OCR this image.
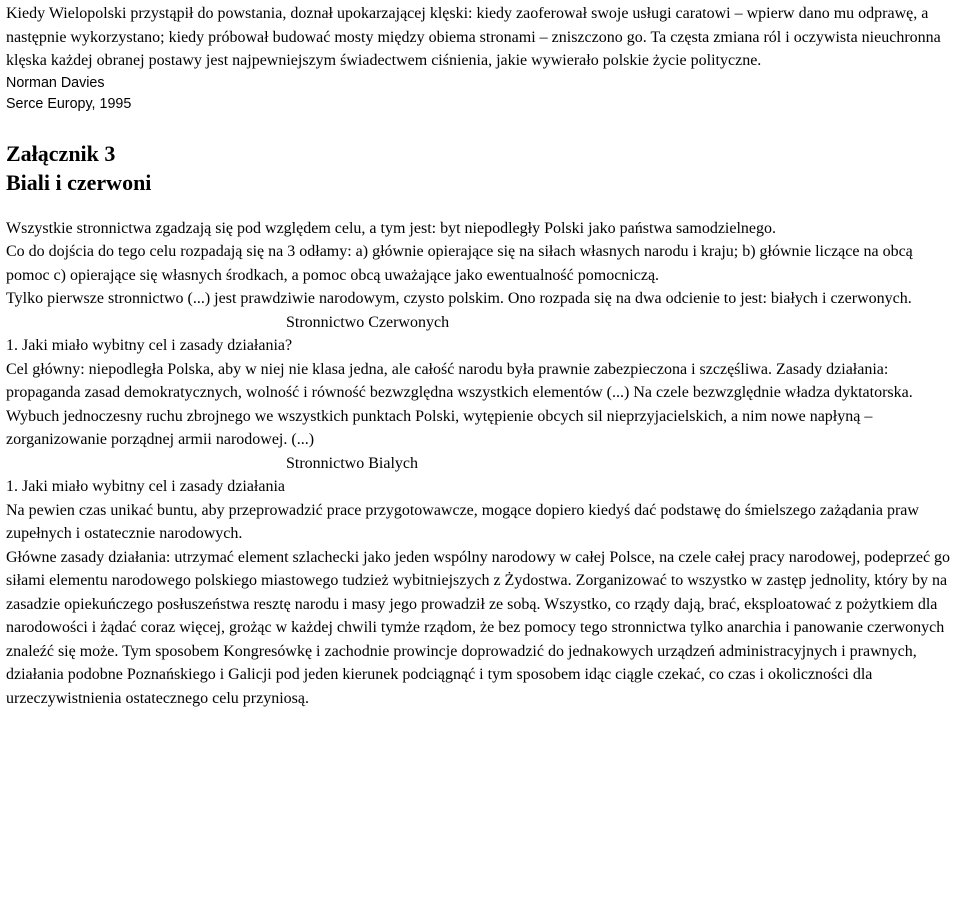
Kiedy Wielopolski przystąpił do powstania, doznał upokarzającej klęski: kiedy zaoferował swoje usługi caratowi – wpierw dano mu odprawę, a następnie wykorzystano; kiedy próbował budować mosty między obiema stronami – zniszczono go. Ta częsta zmiana ról i oczywista nieuchronna klęska każdej obranej postawy jest najpewniejszym świadectwem ciśnienia, jakie wywierało polskie życie polityczne.

Norman Davies
Serce Europy, 1995

Załącznik 3

Biali i czerwoni

Wszystkie stronnictwa zgadzają się pod względem celu, a tym jest: byt niepodległy Polski jako państwa samodzielnego.

Co do dojścia do tego celu rozpadają się na 3 odłamy: a) głównie opierające się na siłach własnych narodu i kraju; b) głównie liczące na obcą pomoc c) opierające się własnych środkach, a pomoc obcą uważające jako ewentualność pomocniczą.

Tylko pierwsze stronnictwo (...) jest prawdziwie narodowym, czysto polskim. Ono rozpada się na dwa odcienie to jest: białych i czerwonych.

Stronnictwo Czerwonych

1. Jaki miało wybitny cel i zasady działania?

Cel główny: niepodległa Polska, aby w niej nie klasa jedna, ale całość narodu była prawnie zabezpieczona i szczęśliwa. Zasady działania: propaganda zasad demokratycznych, wolność i równość bezwzględna wszystkich elementów (...) Na czele bezwzględnie władza dyktatorska. Wybuch jednoczesny ruchu zbrojnego we wszystkich punktach Polski, wytępienie obcych sil nieprzyjacielskich, a nim nowe napłyną – zorganizowanie porządnej armii narodowej. (...)

Stronnictwo Bialych

1. Jaki miało wybitny cel i zasady działania

Na pewien czas unikać buntu, aby przeprowadzić prace przygotowawcze, mogące dopiero kiedyś dać podstawę do śmielszego zażądania praw zupełnych i ostatecznie narodowych.

Główne zasady działania: utrzymać element szlachecki jako jeden wspólny narodowy w całej Polsce, na czele całej pracy narodowej, podeprzeć go siłami elementu narodowego polskiego miastowego tudzież wybitniejszych z Żydostwa. Zorganizować to wszystko w zastęp jednolity, który by na zasadzie opiekuńczego posłuszeństwa resztę narodu i masy jego prowadził ze sobą. Wszystko, co rządy dają, brać, eksploatować z pożytkiem dla narodowości i żądać coraz więcej, grożąc w każdej chwili tymże rządom, że bez pomocy tego stronnictwa tylko anarchia i panowanie czerwonych znaleźć się może. Tym sposobem Kongresówkę i zachodnie prowincje doprowadzić do jednakowych urządzeń administracyjnych i prawnych, działania podobne Poznańskiego i Galicji pod jeden kierunek podciągnąć i tym sposobem idąc ciągle czekać, co czas i okoliczności dla urzeczywistnienia ostatecznego celu przyniosą.
